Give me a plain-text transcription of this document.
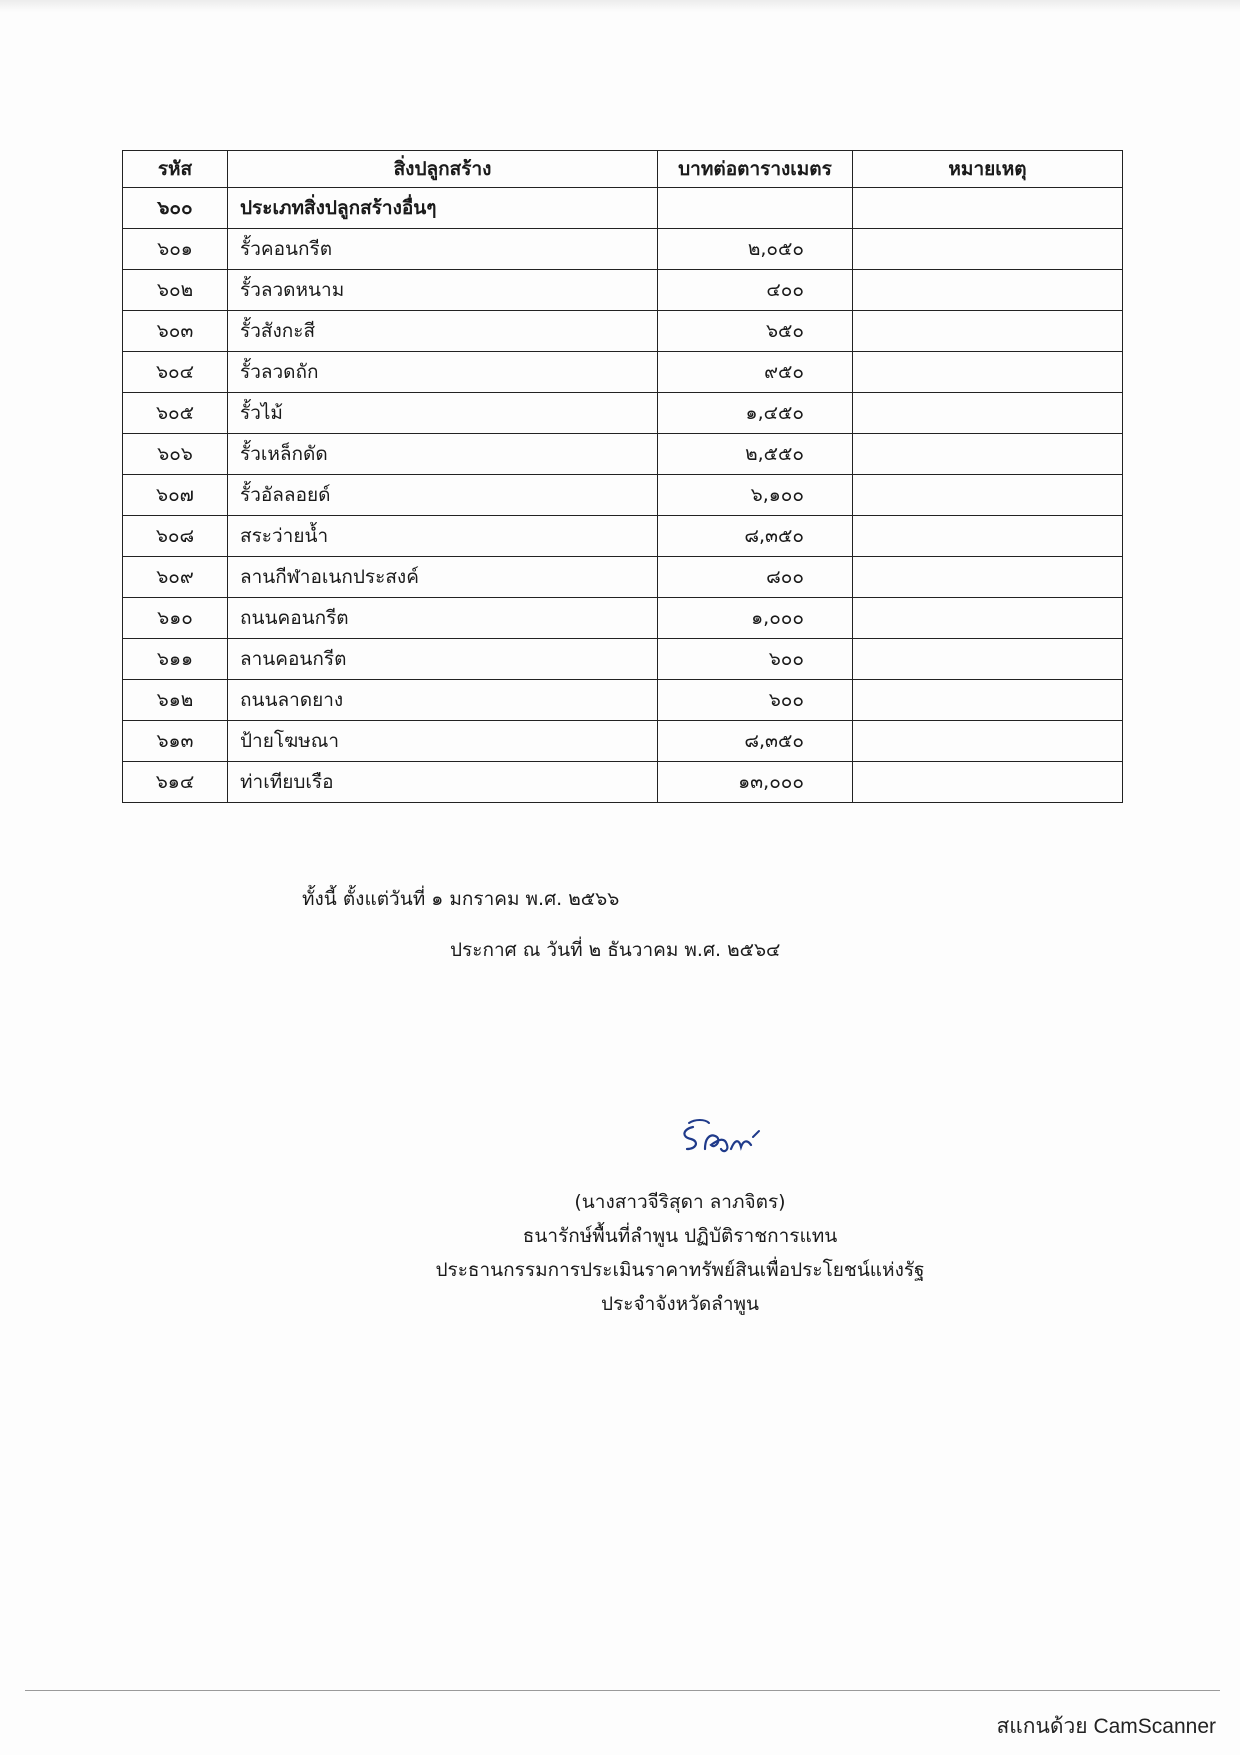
รหัส	สิ่งปลูกสร้าง	บาทต่อตารางเมตร	หมายเหตุ
๖๐๐	ประเภทสิ่งปลูกสร้างอื่นๆ		
๖๐๑	รั้วคอนกรีต	๒,๐๕๐	
๖๐๒	รั้วลวดหนาม	๔๐๐	
๖๐๓	รั้วสังกะสี	๖๕๐	
๖๐๔	รั้วลวดถัก	๙๕๐	
๖๐๕	รั้วไม้	๑,๔๕๐	
๖๐๖	รั้วเหล็กดัด	๒,๕๕๐	
๖๐๗	รั้วอัลลอยด์	๖,๑๐๐	
๖๐๘	สระว่ายน้ำ	๘,๓๕๐	
๖๐๙	ลานกีฬาอเนกประสงค์	๘๐๐	
๖๑๐	ถนนคอนกรีต	๑,๐๐๐	
๖๑๑	ลานคอนกรีต	๖๐๐	
๖๑๒	ถนนลาดยาง	๖๐๐	
๖๑๓	ป้ายโฆษณา	๘,๓๕๐	
๖๑๔	ท่าเทียบเรือ	๑๓,๐๐๐	
ทั้งนี้ ตั้งแต่วันที่ ๑ มกราคม พ.ศ. ๒๕๖๖
ประกาศ ณ วันที่ ๒ ธันวาคม พ.ศ. ๒๕๖๔
(นางสาวจีริสุดา ลาภจิตร)
ธนารักษ์พื้นที่ลำพูน ปฏิบัติราชการแทน
ประธานกรรมการประเมินราคาทรัพย์สินเพื่อประโยชน์แห่งรัฐ
ประจำจังหวัดลำพูน
สแกนด้วย CamScanner
